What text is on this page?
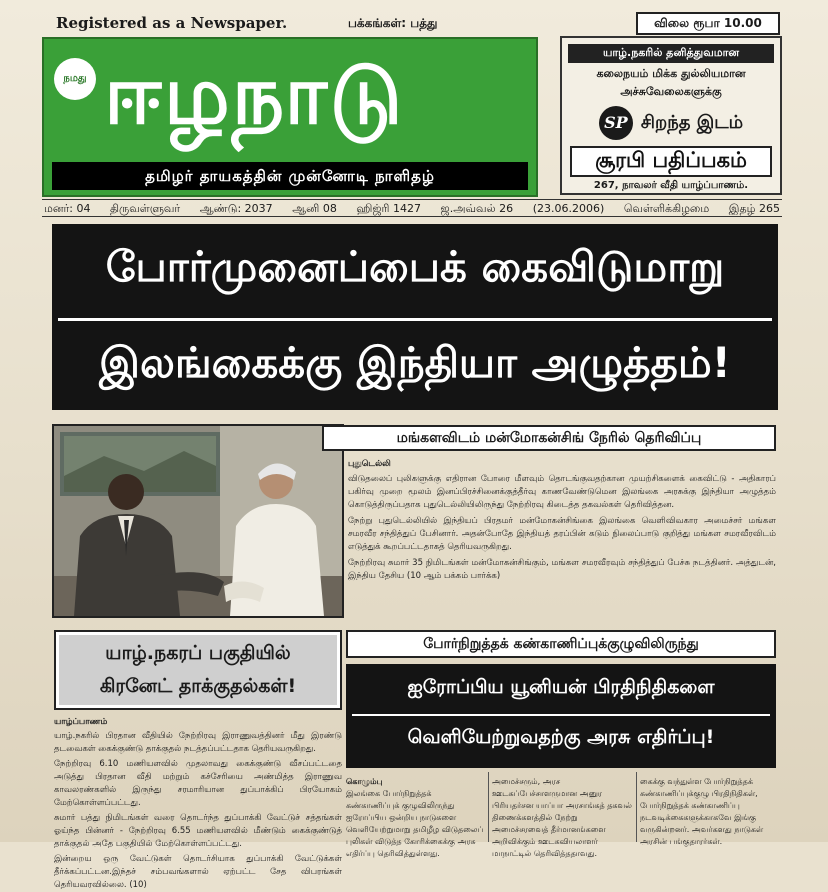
Registered as a Newspaper.	பக்கங்கள்: பத்து	விலை ரூபா 10.00
நமது ஈழநாடு
தமிழர் தாயகத்தின் முன்னோடி நாளிதழ்
யாழ்.நகரில் தனித்துவமான
கலைநயம் மிக்க துல்லியமான
அச்சுவேலைகளுக்கு
SP சிறந்த இடம்
சூரபி பதிப்பகம்
267, நாவலர் வீதி யாழ்ப்பாணம்.
மனர்: 04 திருவள்ளுவர் ஆண்டு: 2037 ஆனி 08 ஹிஜ்ரி 1427 ஜ.அவ்வல் 26 (23.06.2006) வெள்ளிக்கிழமை இதழ் 265
போர்முனைப்பைக் கைவிடுமாறு
இலங்கைக்கு இந்தியா அழுத்தம்!
மங்களவிடம் மன்மோகன்சிங் நேரில் தெரிவிப்பு
புதுடெல்லி

விடுதலைப் புலிகளுக்கு எதிரான போரை மீளவும் தொடங்குவதற்கான முயற்சிகளைக் கைவிட்டு - அதிகாரப் பகிர்வு முறை மூலம் இனப்பிரச்சினைக்குத்தீர்வு காணவேண்டுமென இலங்கை அரசுக்கு இந்தியா அழுத்தம் கொடுத்திருப்பதாக புதுடெல்லியிலிருந்து நேற்றிரவு கிடைத்த தகவல்கள் தெரிவித்தன.

நேற்று புதுடெல்லியில் இந்தியப் பிரதமர் மன்மோகன்சிங்கை இலங்கை வெளிவிவகார அமைச்சர் மங்கள சமரவீர சந்தித்துப் பேசினார். அதன்போதே இந்தியத் தரப்பின் கடும் நிலைப்பாடு குறித்து மங்கள சமரவீரவிடம் எடுத்துக் கூறப்பட்டதாகத் தெரியவருகிறது.

நேற்றிரவு சுமார் 35 நிமிடங்கள் மன்மோகன்சிங்கும், மங்கள சமரவீரவும் சந்தித்துப் பேச்சு நடத்தினர். அத்துடன், இந்திய தேசிய (10 ஆம் பக்கம் பார்க்க)

யாழ்.நகரப் பகுதியில்
கிரனேட் தாக்குதல்கள்!
யாழ்ப்பாணம்

யாழ்.நகரில் பிரதான வீதியில் நேற்றிரவு இராணுவத்தினர் மீது இரண்டு தடவைகள் கைக்குண்டு தாக்குதல் நடத்தப்பட்டதாக தெரியவருகிறது.

நேற்றிரவு 6.10 மணியளவில் முதலாவது கைக்குண்டு வீசப்பட்டதை அடுத்து பிரதான வீதி மற்றும் கச்சேரியை அண்மித்த இராணுவ காவலரண்களில் இருந்து சரமாரியான துப்பாக்கிப் பிரயோகம் மேற்கொள்ளப்பட்டது.

சுமார் பத்து நிமிடங்கள் வரை தொடர்ந்த துப்பாக்கி வேட்டுச் சத்தங்கள் ஓய்ந்த பின்னர் - நேற்றிரவு 6.55 மணியளவில் மீண்டும் கைக்குண்டுத் தாக்குதல் அதே பகுதியில் மேற்கொள்ளப்பட்டது.

இன்றைய ஒரு வேட்டுகள் தொடர்சியாக துப்பாக்கி வேட்டுக்கள் தீர்க்கப்பட்டன.இந்தச் சம்பவங்களால் ஏற்பட்ட சேத விபரங்கள் தெரியவரவில்லை. (10)

போர்நிறுத்தக் கண்காணிப்புக்குழுவிலிருந்து
ஐரோப்பிய யூனியன் பிரதிநிதிகளை
வெளியேற்றுவதற்கு அரசு எதிர்ப்பு!
கொழும்பு
இலங்கை போர்நிறுத்தக் கண்காணிப்புக் குழுவிலிருந்து ஐரோப்பிய ஒன்றிய நாடுகளை வெளியேற்றுமாறு தமிழீழ விடுதலைப் புலிகள் விடுத்த கோரிக்கைக்கு அரசு எதிர்ப்பு தெரிவித்துள்ளது.
அமைச்சரும், அரச ஊடகப்பேச்சாளருமான அனுர பிரியதர்சன யாப்பா அரசாங்கத் தகவல் திணைக்களத்தில் நேற்று அமைச்சரவைத் தீர்மானங்களை அறிவிக்கும் ஊடகவியலாளர் மாநாட்டில் தெரிவித்ததாவது.
கைக்கு வந்துள்ள போர்நிறுத்தக் கண்காணிப்புக்குழு பிரதிநிதிகள், போர்நிறுத்தக் கண்காணிப்பு நடவடிக்கைகளுக்காகவே இங்கு வருகின்றனர். அவர்களது நாடுகள் அரசின் பங்குதாரர்கள்.
